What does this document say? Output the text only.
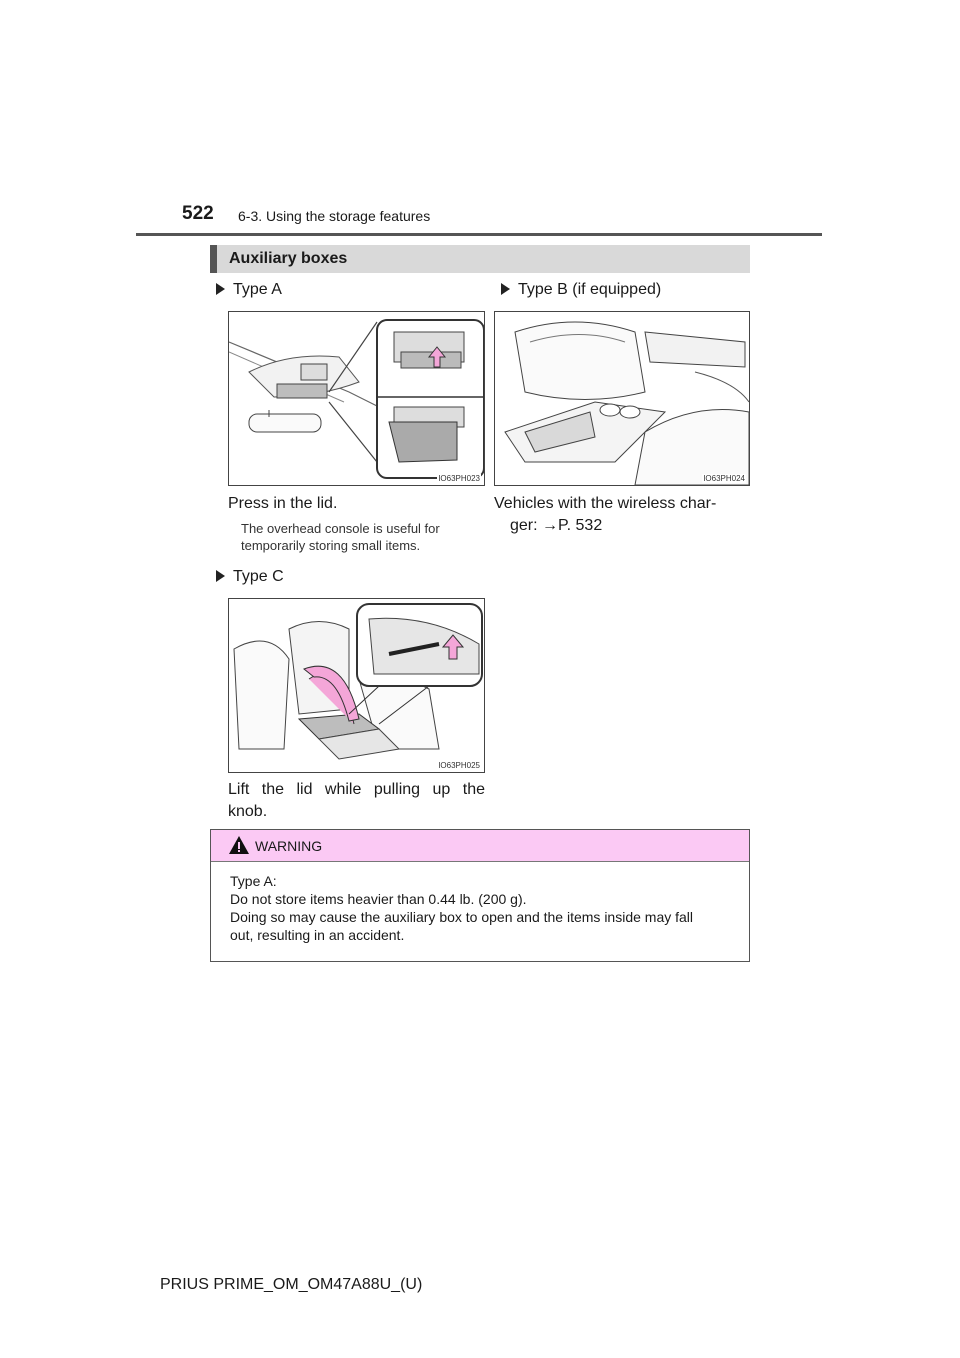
522 6-3. Using the storage features
Auxiliary boxes
Type A
IO63PH023
Press in the lid.
The overhead console is useful for temporarily storing small items.
Type B (if equipped)
IO63PH024
Vehicles with the wireless char-
ger: →P. 532
Type C
IO63PH025
Lift the lid while pulling up the
knob.
WARNING
Type A:
Do not store items heavier than 0.44 lb. (200 g).
Doing so may cause the auxiliary box to open and the items inside may fall
out, resulting in an accident.
PRIUS PRIME_OM_OM47A88U_(U)
